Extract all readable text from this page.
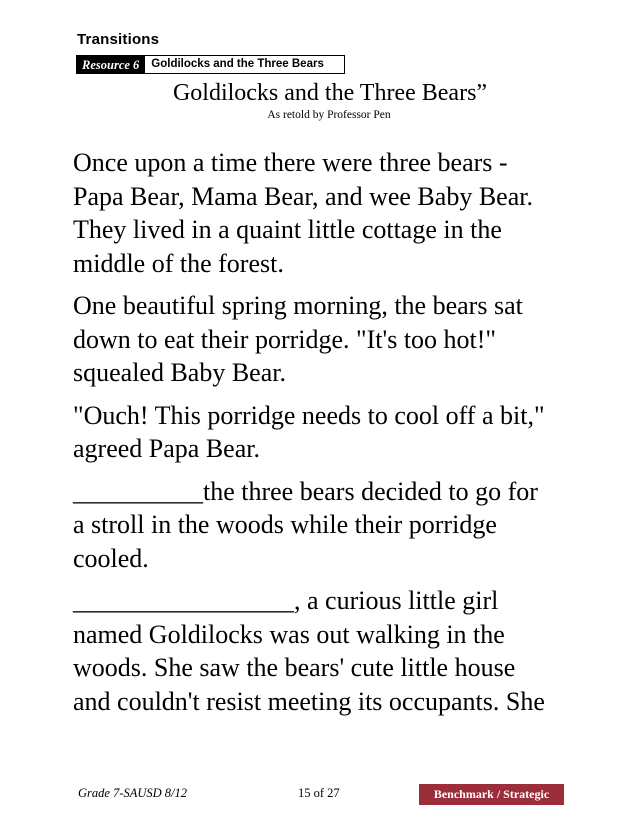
Transitions
Resource 6	Goldilocks and the Three Bears
Goldilocks and the Three Bears”
As retold by Professor Pen

Once upon a time there were three bears -
Papa Bear, Mama Bear, and wee Baby Bear.
They lived in a quaint little cottage in the
middle of the forest.

One beautiful spring morning, the bears sat
down to eat their porridge. "It's too hot!"
squealed Baby Bear.

"Ouch! This porridge needs to cool off a bit,"
agreed Papa Bear.

__________the three bears decided to go for
a stroll in the woods while their porridge
cooled.

_________________, a curious little girl
named Goldilocks was out walking in the
woods. She saw the bears' cute little house
and couldn't resist meeting its occupants. She

Grade 7-SAUSD 8/12	15 of 27	Benchmark / Strategic
